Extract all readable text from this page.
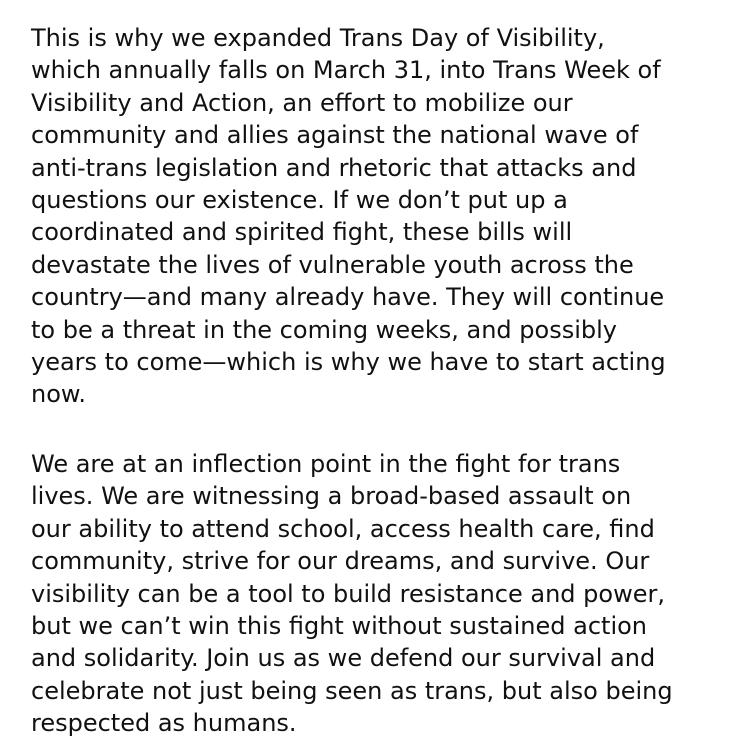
This is why we expanded Trans Day of Visibility,
which annually falls on March 31, into Trans Week of
Visibility and Action, an effort to mobilize our
community and allies against the national wave of
anti-trans legislation and rhetoric that attacks and
questions our existence. If we don’t put up a
coordinated and spirited fight, these bills will
devastate the lives of vulnerable youth across the
country—and many already have. They will continue
to be a threat in the coming weeks, and possibly
years to come—which is why we have to start acting
now.

We are at an inflection point in the fight for trans
lives. We are witnessing a broad-based assault on
our ability to attend school, access health care, find
community, strive for our dreams, and survive. Our
visibility can be a tool to build resistance and power,
but we can’t win this fight without sustained action
and solidarity. Join us as we defend our survival and
celebrate not just being seen as trans, but also being
respected as humans.
